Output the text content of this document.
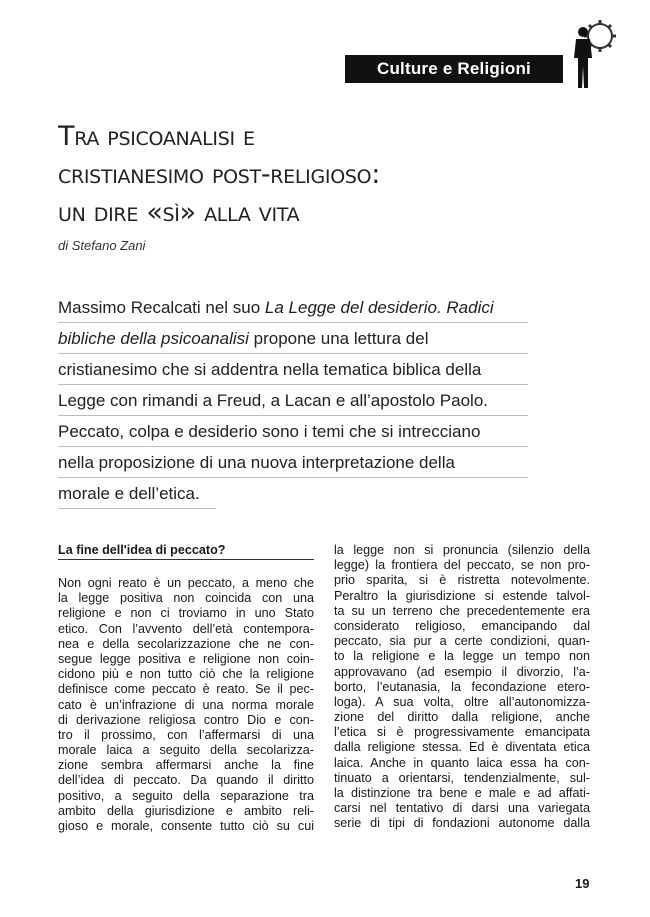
Culture e Religioni
Tra psicoanalisi e
cristianesimo post-religioso:
un dire «sì» alla vita
di Stefano Zani
Massimo Recalcati nel suo La Legge del desiderio. Radici
bibliche della psicoanalisi propone una lettura del
cristianesimo che si addentra nella tematica biblica della
Legge con rimandi a Freud, a Lacan e all’apostolo Paolo.
Peccato, colpa e desiderio sono i temi che si intrecciano
nella proposizione di una nuova interpretazione della
morale e dell’etica.
La fine dell'idea di peccato?
Non ogni reato è un peccato, a meno che
la legge positiva non coincida con una
religione e non ci troviamo in uno Stato
etico. Con l’avvento dell’età contempora-
nea e della secolarizzazione che ne con-
segue legge positiva e religione non coin-
cidono più e non tutto ciò che la religione
definisce come peccato è reato. Se il pec-
cato è un’infrazione di una norma morale
di derivazione religiosa contro Dio e con-
tro il prossimo, con l’affermarsi di una
morale laica a seguito della secolarizza-
zione sembra affermarsi anche la fine
dell’idea di peccato. Da quando il diritto
positivo, a seguito della separazione tra
ambito della giurisdizione e ambito reli-
gioso e morale, consente tutto ciò su cui
la legge non si pronuncia (silenzio della
legge) la frontiera del peccato, se non pro-
prio sparita, si è ristretta notevolmente.
Peraltro la giurisdizione si estende talvol-
ta su un terreno che precedentemente era
considerato religioso, emancipando dal
peccato, sia pur a certe condizioni, quan-
to la religione e la legge un tempo non
approvavano (ad esempio il divorzio, l’a-
borto, l’eutanasia, la fecondazione etero-
loga). A sua volta, oltre all’autonomizza-
zione del diritto dalla religione, anche
l’etica si è progressivamente emancipata
dalla religione stessa. Ed è diventata etica
laica. Anche in quanto laica essa ha con-
tinuato a orientarsi, tendenzialmente, sul-
la distinzione tra bene e male e ad affati-
carsi nel tentativo di darsi una variegata
serie di tipi di fondazioni autonome dalla
19
